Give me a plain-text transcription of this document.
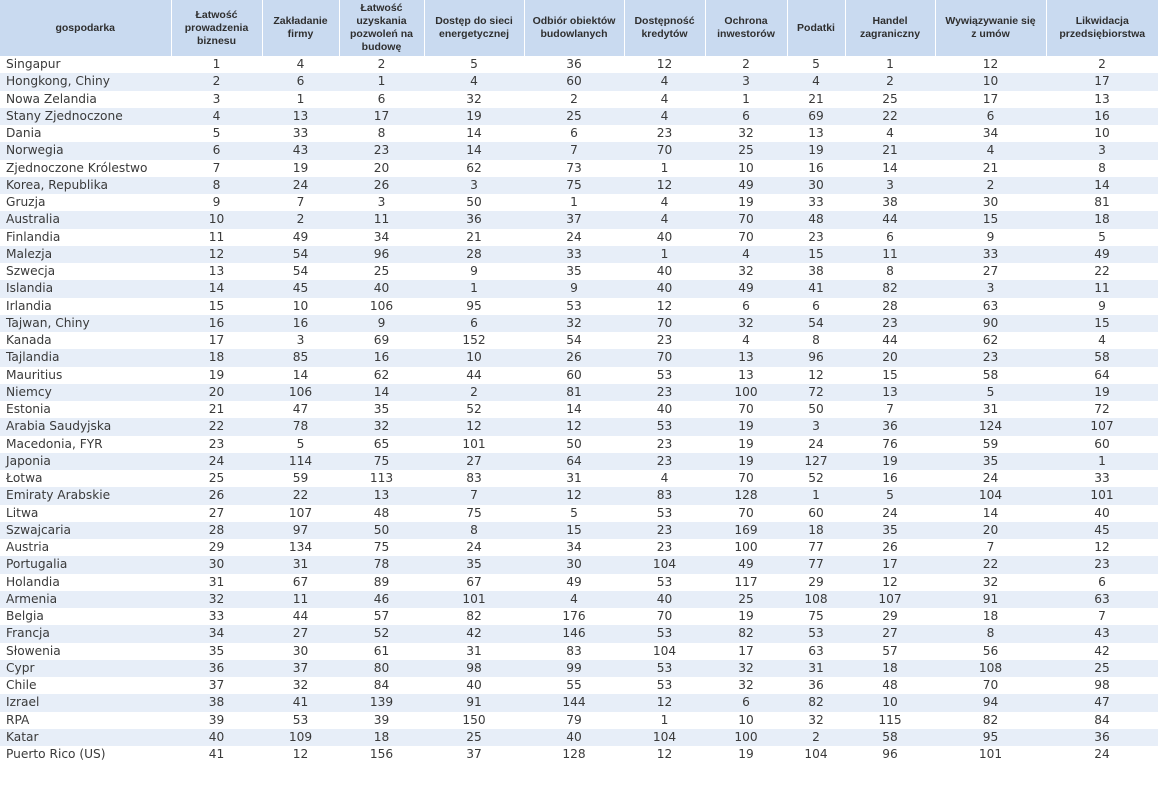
gospodarka	Łatwość
prowadzenia
biznesu	Zakładanie
firmy	Łatwość
uzyskania
pozwoleń na
budowę	Dostęp do sieci
energetycznej	Odbiór obiektów
budowlanych	Dostępność
kredytów	Ochrona
inwestorów	Podatki	Handel
zagraniczny	Wywiązywanie się
z umów	Likwidacja
przedsiębiorstwa
Singapur	1	4	2	5	36	12	2	5	1	12	2
Hongkong, Chiny	2	6	1	4	60	4	3	4	2	10	17
Nowa Zelandia	3	1	6	32	2	4	1	21	25	17	13
Stany Zjednoczone	4	13	17	19	25	4	6	69	22	6	16
Dania	5	33	8	14	6	23	32	13	4	34	10
Norwegia	6	43	23	14	7	70	25	19	21	4	3
Zjednoczone Królestwo	7	19	20	62	73	1	10	16	14	21	8
Korea, Republika	8	24	26	3	75	12	49	30	3	2	14
Gruzja	9	7	3	50	1	4	19	33	38	30	81
Australia	10	2	11	36	37	4	70	48	44	15	18
Finlandia	11	49	34	21	24	40	70	23	6	9	5
Malezja	12	54	96	28	33	1	4	15	11	33	49
Szwecja	13	54	25	9	35	40	32	38	8	27	22
Islandia	14	45	40	1	9	40	49	41	82	3	11
Irlandia	15	10	106	95	53	12	6	6	28	63	9
Tajwan, Chiny	16	16	9	6	32	70	32	54	23	90	15
Kanada	17	3	69	152	54	23	4	8	44	62	4
Tajlandia	18	85	16	10	26	70	13	96	20	23	58
Mauritius	19	14	62	44	60	53	13	12	15	58	64
Niemcy	20	106	14	2	81	23	100	72	13	5	19
Estonia	21	47	35	52	14	40	70	50	7	31	72
Arabia Saudyjska	22	78	32	12	12	53	19	3	36	124	107
Macedonia, FYR	23	5	65	101	50	23	19	24	76	59	60
Japonia	24	114	75	27	64	23	19	127	19	35	1
Łotwa	25	59	113	83	31	4	70	52	16	24	33
Emiraty Arabskie	26	22	13	7	12	83	128	1	5	104	101
Litwa	27	107	48	75	5	53	70	60	24	14	40
Szwajcaria	28	97	50	8	15	23	169	18	35	20	45
Austria	29	134	75	24	34	23	100	77	26	7	12
Portugalia	30	31	78	35	30	104	49	77	17	22	23
Holandia	31	67	89	67	49	53	117	29	12	32	6
Armenia	32	11	46	101	4	40	25	108	107	91	63
Belgia	33	44	57	82	176	70	19	75	29	18	7
Francja	34	27	52	42	146	53	82	53	27	8	43
Słowenia	35	30	61	31	83	104	17	63	57	56	42
Cypr	36	37	80	98	99	53	32	31	18	108	25
Chile	37	32	84	40	55	53	32	36	48	70	98
Izrael	38	41	139	91	144	12	6	82	10	94	47
RPA	39	53	39	150	79	1	10	32	115	82	84
Katar	40	109	18	25	40	104	100	2	58	95	36
Puerto Rico (US)	41	12	156	37	128	12	19	104	96	101	24
